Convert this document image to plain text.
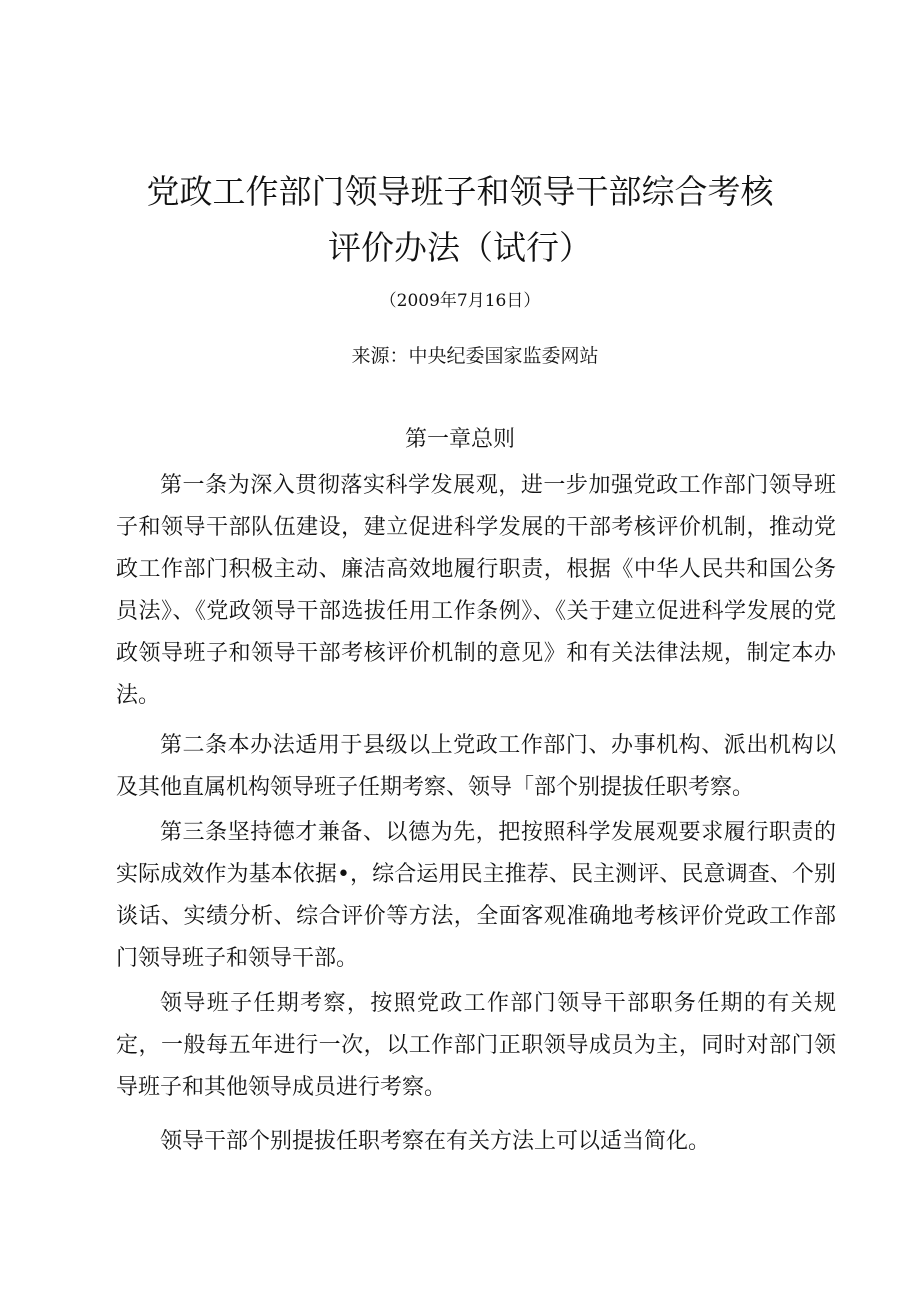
党政工作部门领导班子和领导干部综合考核
评价办法（试行）
（2009年7月16日）
来源：中央纪委国家监委网站
第一章总则

第一条为深入贯彻落实科学发展观，进一步加强党政工作部门领导班子和领导干部队伍建设，建立促进科学发展的干部考核评价机制，推动党政工作部门积极主动、廉洁高效地履行职责，根据《中华人民共和国公务员法》、《党政领导干部选拔任用工作条例》、《关于建立促进科学发展的党政领导班子和领导干部考核评价机制的意见》和有关法律法规，制定本办法。

第二条本办法适用于县级以上党政工作部门、办事机构、派出机构以及其他直属机构领导班子任期考察、领导「部个别提拔任职考察。

第三条坚持德才兼备、以德为先，把按照科学发展观要求履行职责的实际成效作为基本依据•，综合运用民主推荐、民主测评、民意调查、个别谈话、实绩分析、综合评价等方法，全面客观准确地考核评价党政工作部门领导班子和领导干部。

领导班子任期考察，按照党政工作部门领导干部职务任期的有关规定，一般每五年进行一次，以工作部门正职领导成员为主，同时对部门领导班子和其他领导成员进行考察。

领导干部个别提拔任职考察在有关方法上可以适当简化。
